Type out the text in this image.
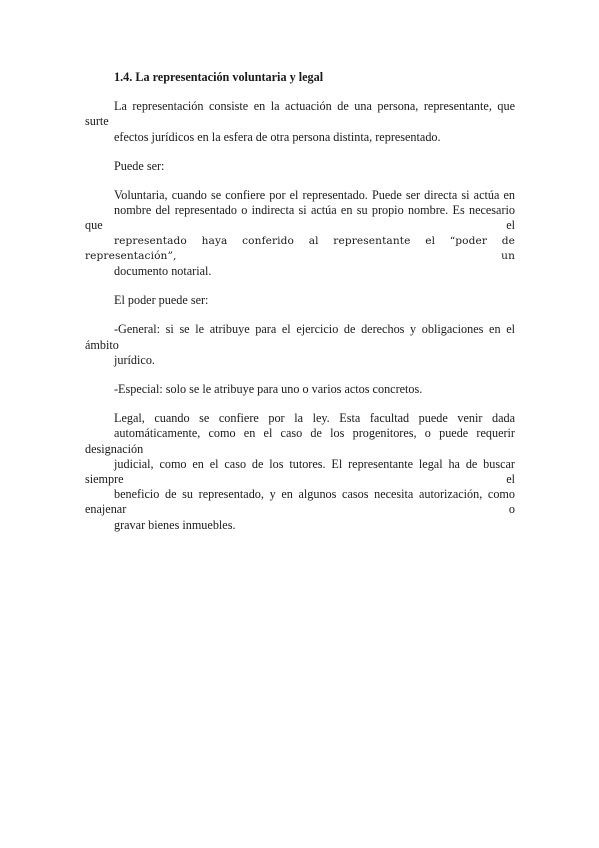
1.4. La representación voluntaria y legal
La representación consiste en la actuación de una persona, representante, que surte
efectos jurídicos en la esfera de otra persona distinta, representado.
Puede ser:
Voluntaria, cuando se confiere por el representado. Puede ser directa si actúa en
nombre del representado o indirecta si actúa en su propio nombre. Es necesario que el
representado haya conferido al representante el “poder de representación”, un
documento notarial.
El poder puede ser:
-General: si se le atribuye para el ejercicio de derechos y obligaciones en el ámbito
jurídico.
-Especial: solo se le atribuye para uno o varios actos concretos.
Legal, cuando se confiere por la ley. Esta facultad puede venir dada
automáticamente, como en el caso de los progenitores, o puede requerir designación
judicial, como en el caso de los tutores. El representante legal ha de buscar siempre el
beneficio de su representado, y en algunos casos necesita autorización, como enajenar o
gravar bienes inmuebles.
